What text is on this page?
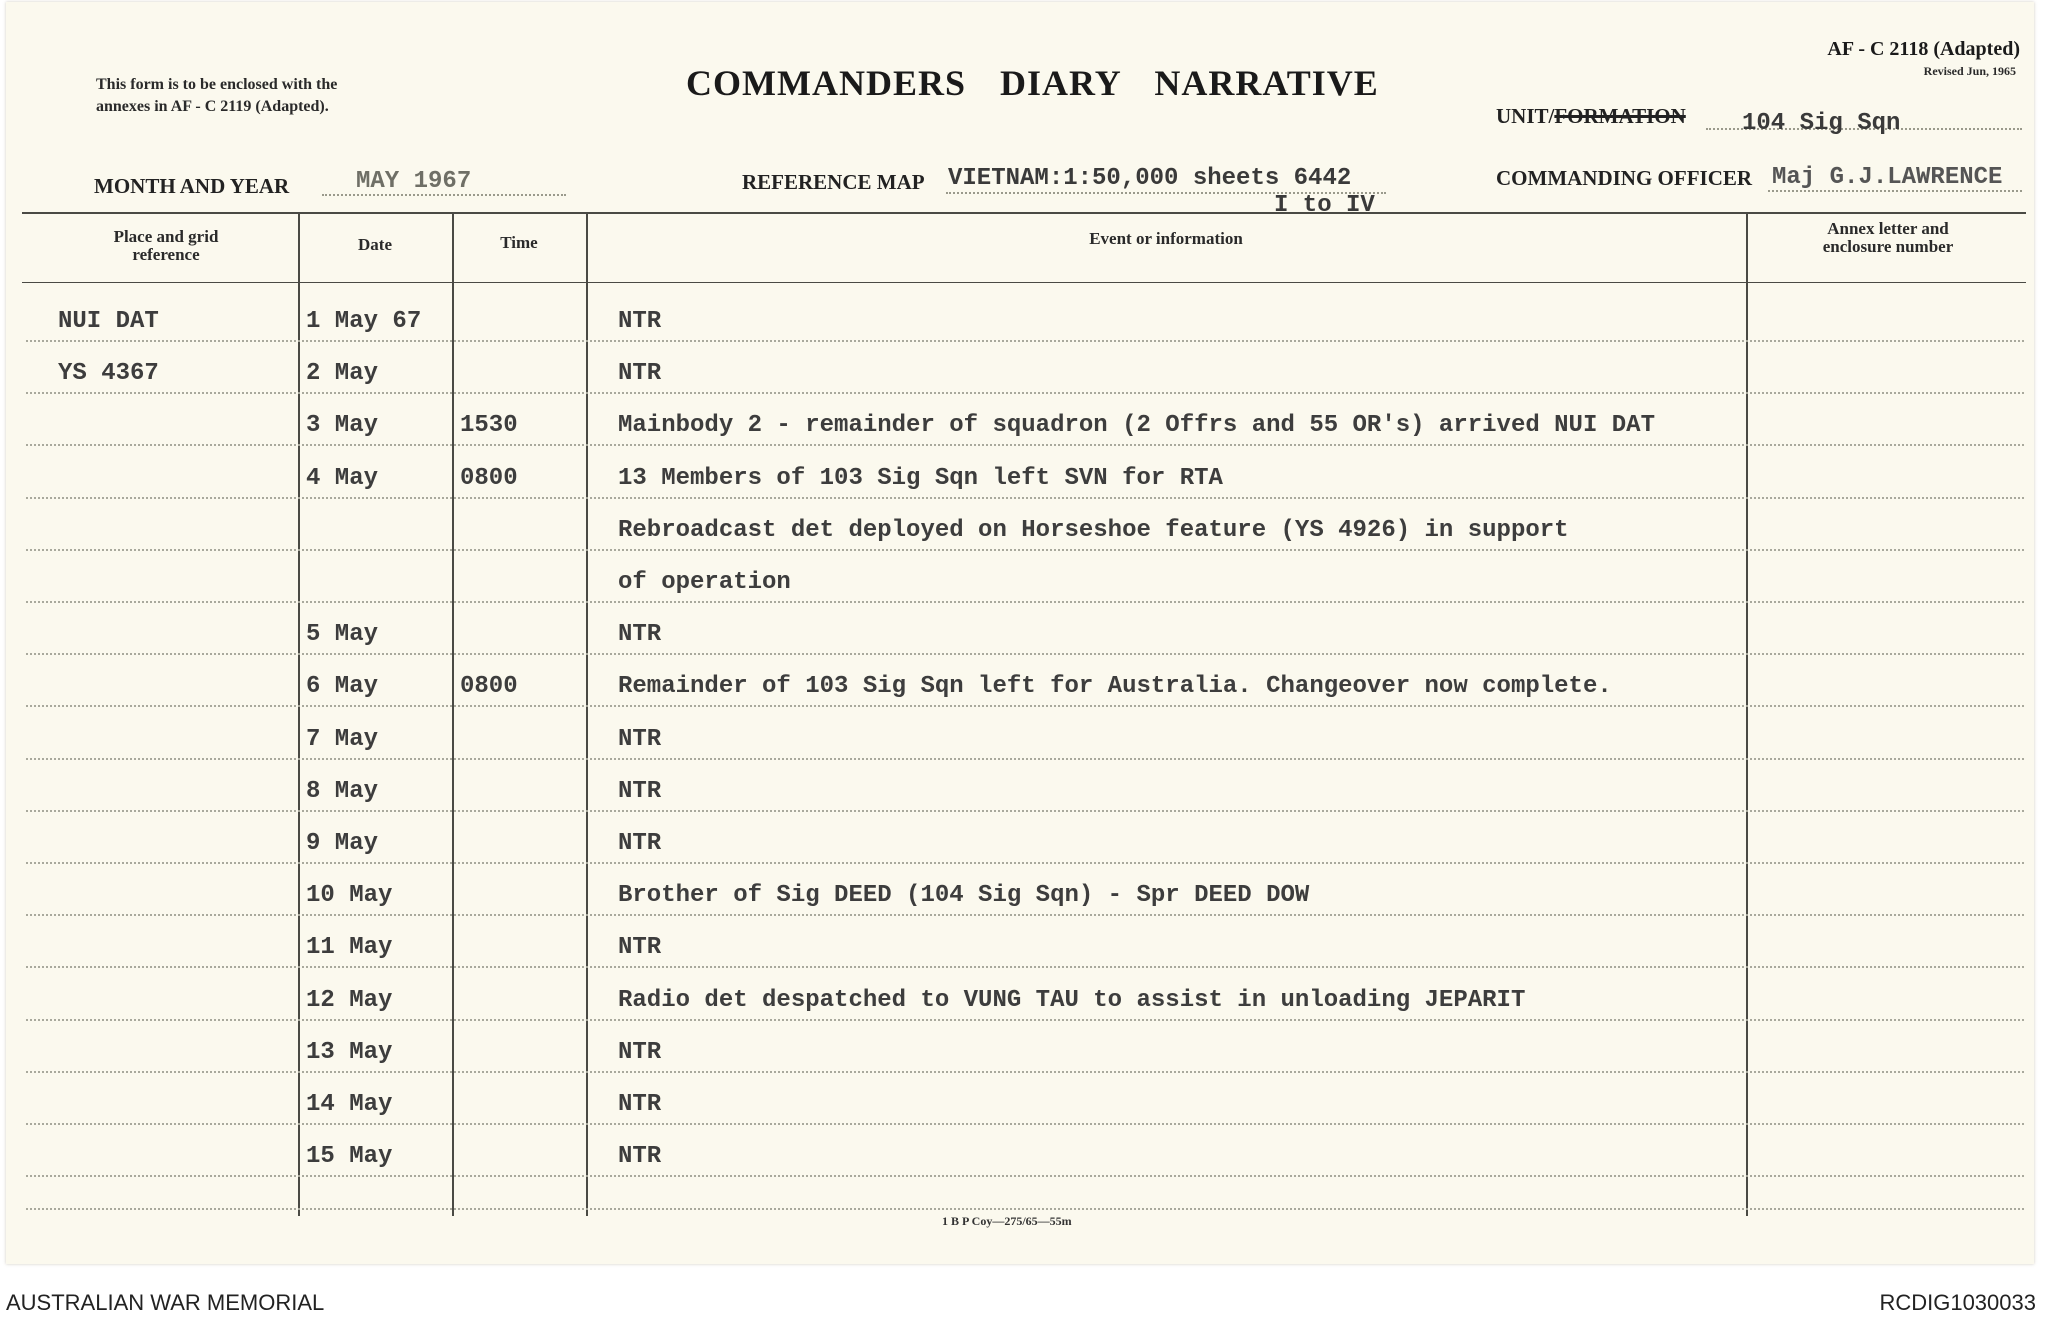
This form is to be enclosed with the
annexes in AF - C 2119 (Adapted).
COMMANDERS DIARY NARRATIVE
AF - C 2118 (Adapted)
Revised Jun, 1965
UNIT/FORMATION 104 Sig Sqn
MONTH AND YEAR	MAY 1967	REFERENCE MAP VIETNAM:1:50,000 sheets 6442
I to IV
COMMANDING OFFICER Maj G.J.LAWRENCE
Place and grid
reference
Date	Time	Event or information
Annex letter and
enclosure number
NUI DAT	1 May 67	NTR
YS 4367	2 May	NTR
3 May	1530	Mainbody 2 - remainder of squadron (2 Offrs and 55 OR's) arrived NUI DAT
4 May	0800	13 Members of 103 Sig Sqn left SVN for RTA
Rebroadcast det deployed on Horseshoe feature (YS 4926) in support
of operation
5 May	NTR
6 May	0800	Remainder of 103 Sig Sqn left for Australia. Changeover now complete.
7 May	NTR
8 May	NTR
9 May	NTR
10 May	Brother of Sig DEED (104 Sig Sqn) - Spr DEED DOW
11 May	NTR
12 May	Radio det despatched to VUNG TAU to assist in unloading JEPARIT
13 May	NTR
14 May	NTR
15 May	NTR
1 B P Coy—275/65—55m
AUSTRALIAN WAR MEMORIAL	RCDIG1030033
